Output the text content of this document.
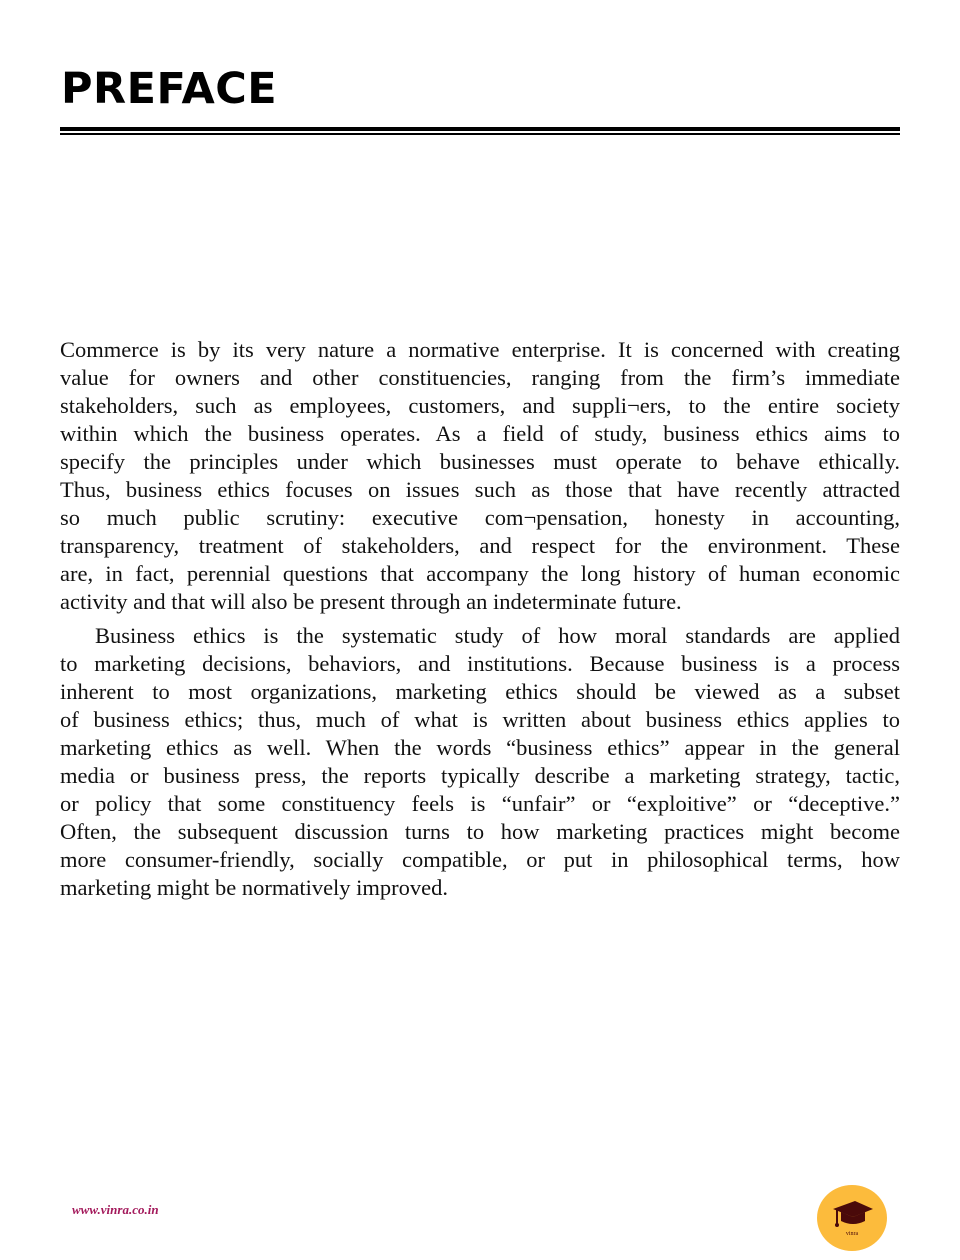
PREFACE
Commerce is by its very nature a normative enterprise. It is concerned with creating
value for owners and other constituencies, ranging from the firm’s immediate
stakeholders, such as employees, customers, and suppli¬ers, to the entire society
within which the business operates. As a field of study, business ethics aims to
specify the principles under which businesses must operate to behave ethically.
Thus, business ethics focuses on issues such as those that have recently attracted
so much public scrutiny: executive com¬pensation, honesty in accounting,
transparency, treatment of stakeholders, and respect for the environment. These
are, in fact, perennial questions that accompany the long history of human economic
activity and that will also be present through an indeterminate future.
Business ethics is the systematic study of how moral standards are applied
to marketing decisions, behaviors, and institutions. Because business is a process
inherent to most organizations, marketing ethics should be viewed as a subset
of business ethics; thus, much of what is written about business ethics applies to
marketing ethics as well. When the words “business ethics” appear in the general
media or business press, the reports typically describe a marketing strategy, tactic,
or policy that some constituency feels is “unfair” or “exploitive” or “deceptive.”
Often, the subsequent discussion turns to how marketing practices might become
more consumer-friendly, socially compatible, or put in philosophical terms, how
marketing might be normatively improved.
www.vinra.co.in
vinra
